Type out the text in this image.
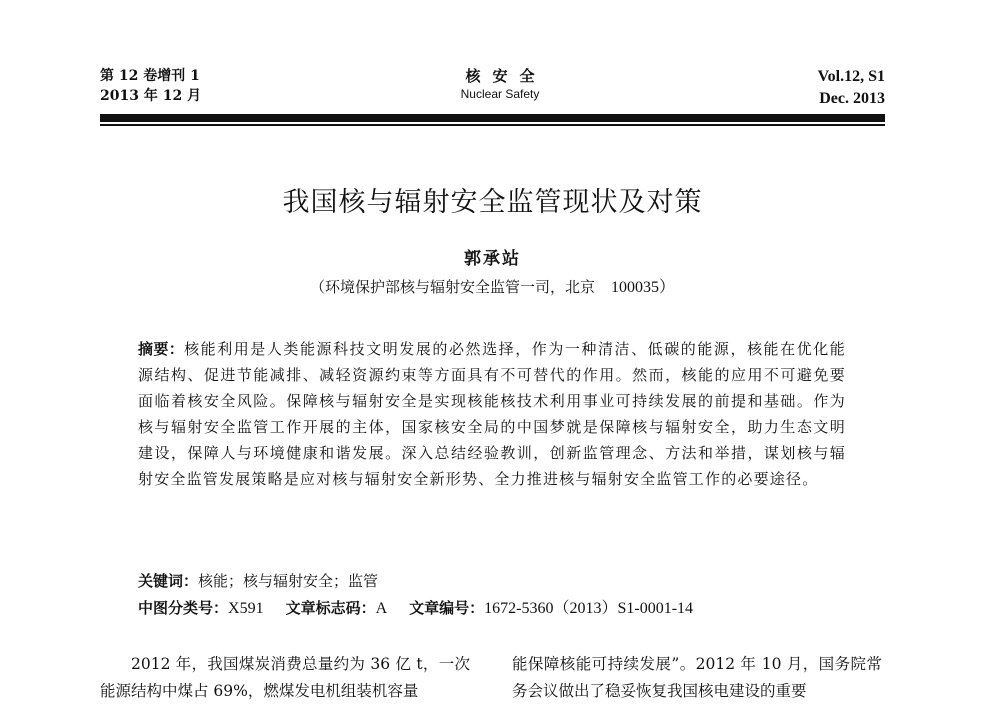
第 12 卷增刊 1
2013 年 12 月
核安全
Nuclear Safety
Vol.12, S1
Dec. 2013
我国核与辐射安全监管现状及对策
郭承站
（环境保护部核与辐射安全监管一司，北京 100035）
摘要：核能利用是人类能源科技文明发展的必然选择，作为一种清洁、低碳的能源，核能在优化能源结构、促进节能减排、减轻资源约束等方面具有不可替代的作用。然而，核能的应用不可避免要面临着核安全风险。保障核与辐射安全是实现核能核技术利用事业可持续发展的前提和基础。作为核与辐射安全监管工作开展的主体，国家核安全局的中国梦就是保障核与辐射安全，助力生态文明建设，保障人与环境健康和谐发展。深入总结经验教训，创新监管理念、方法和举措，谋划核与辐射安全监管发展策略是应对核与辐射安全新形势、全力推进核与辐射安全监管工作的必要途径。
关键词：核能；核与辐射安全；监管
中图分类号：X591 文章标志码：A 文章编号：1672-5360（2013）S1-0001-14
2012 年，我国煤炭消费总量约为 36 亿 t，一次能源结构中煤占 69%，燃煤发电机组装机容量
能保障核能可持续发展”。2012 年 10 月，国务院常务会议做出了稳妥恢复我国核电建设的重要
